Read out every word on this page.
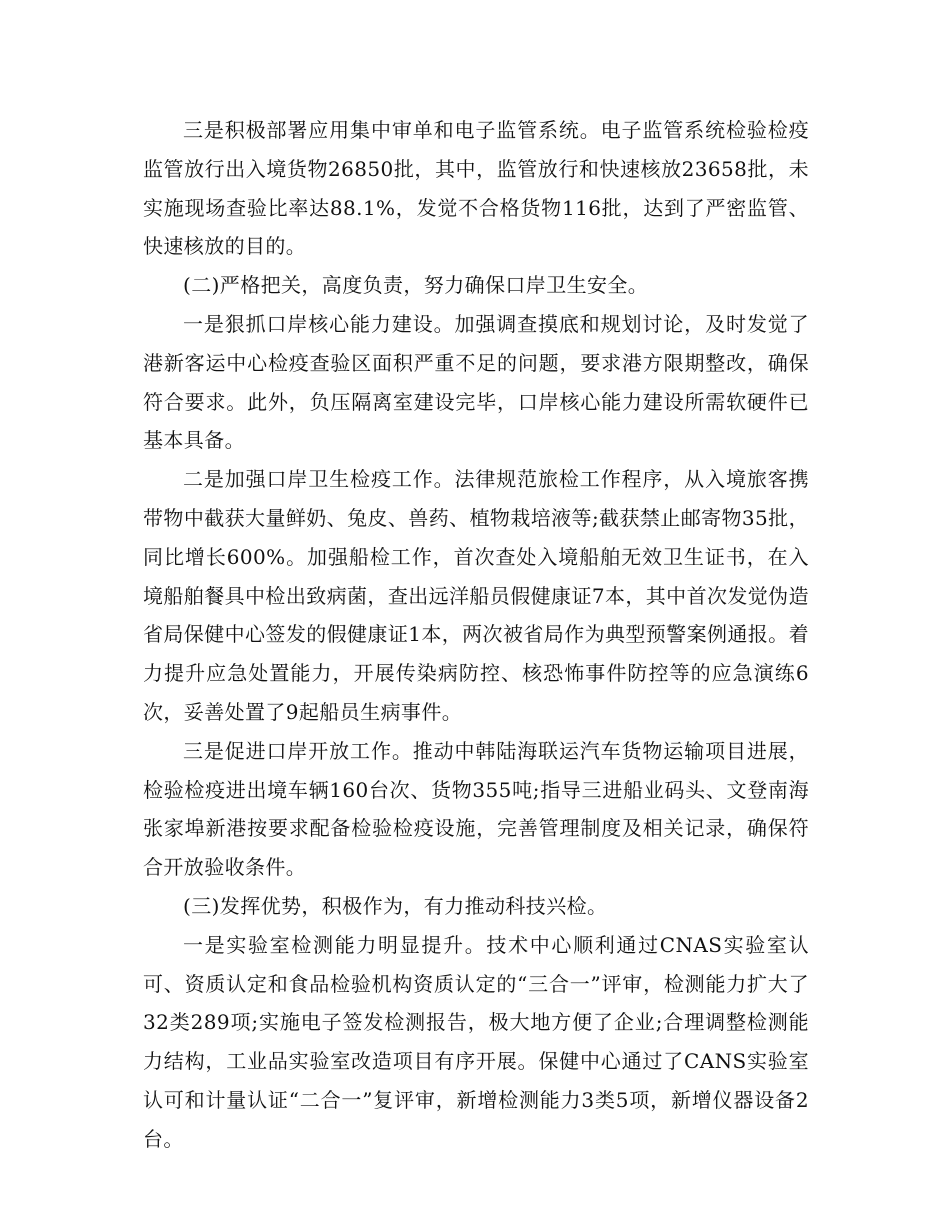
三是积极部署应用集中审单和电子监管系统。电子监管系统检验检疫监管放行出入境货物26850批，其中，监管放行和快速核放23658批，未实施现场查验比率达88.1%，发觉不合格货物116批，达到了严密监管、快速核放的目的。

(二)严格把关，高度负责，努力确保口岸卫生安全。

一是狠抓口岸核心能力建设。加强调查摸底和规划讨论，及时发觉了港新客运中心检疫查验区面积严重不足的问题，要求港方限期整改，确保符合要求。此外，负压隔离室建设完毕，口岸核心能力建设所需软硬件已基本具备。

二是加强口岸卫生检疫工作。法律规范旅检工作程序，从入境旅客携带物中截获大量鲜奶、兔皮、兽药、植物栽培液等;截获禁止邮寄物35批，同比增长600%。加强船检工作，首次查处入境船舶无效卫生证书，在入境船舶餐具中检出致病菌，查出远洋船员假健康证7本，其中首次发觉伪造省局保健中心签发的假健康证1本，两次被省局作为典型预警案例通报。着力提升应急处置能力，开展传染病防控、核恐怖事件防控等的应急演练6次，妥善处置了9起船员生病事件。

三是促进口岸开放工作。推动中韩陆海联运汽车货物运输项目进展，检验检疫进出境车辆160台次、货物355吨;指导三进船业码头、文登南海张家埠新港按要求配备检验检疫设施，完善管理制度及相关记录，确保符合开放验收条件。

(三)发挥优势，积极作为，有力推动科技兴检。

一是实验室检测能力明显提升。技术中心顺利通过CNAS实验室认可、资质认定和食品检验机构资质认定的“三合一”评审，检测能力扩大了32类289项;实施电子签发检测报告，极大地方便了企业;合理调整检测能力结构，工业品实验室改造项目有序开展。保健中心通过了CANS实验室认可和计量认证“二合一”复评审，新增检测能力3类5项，新增仪器设备2台。
